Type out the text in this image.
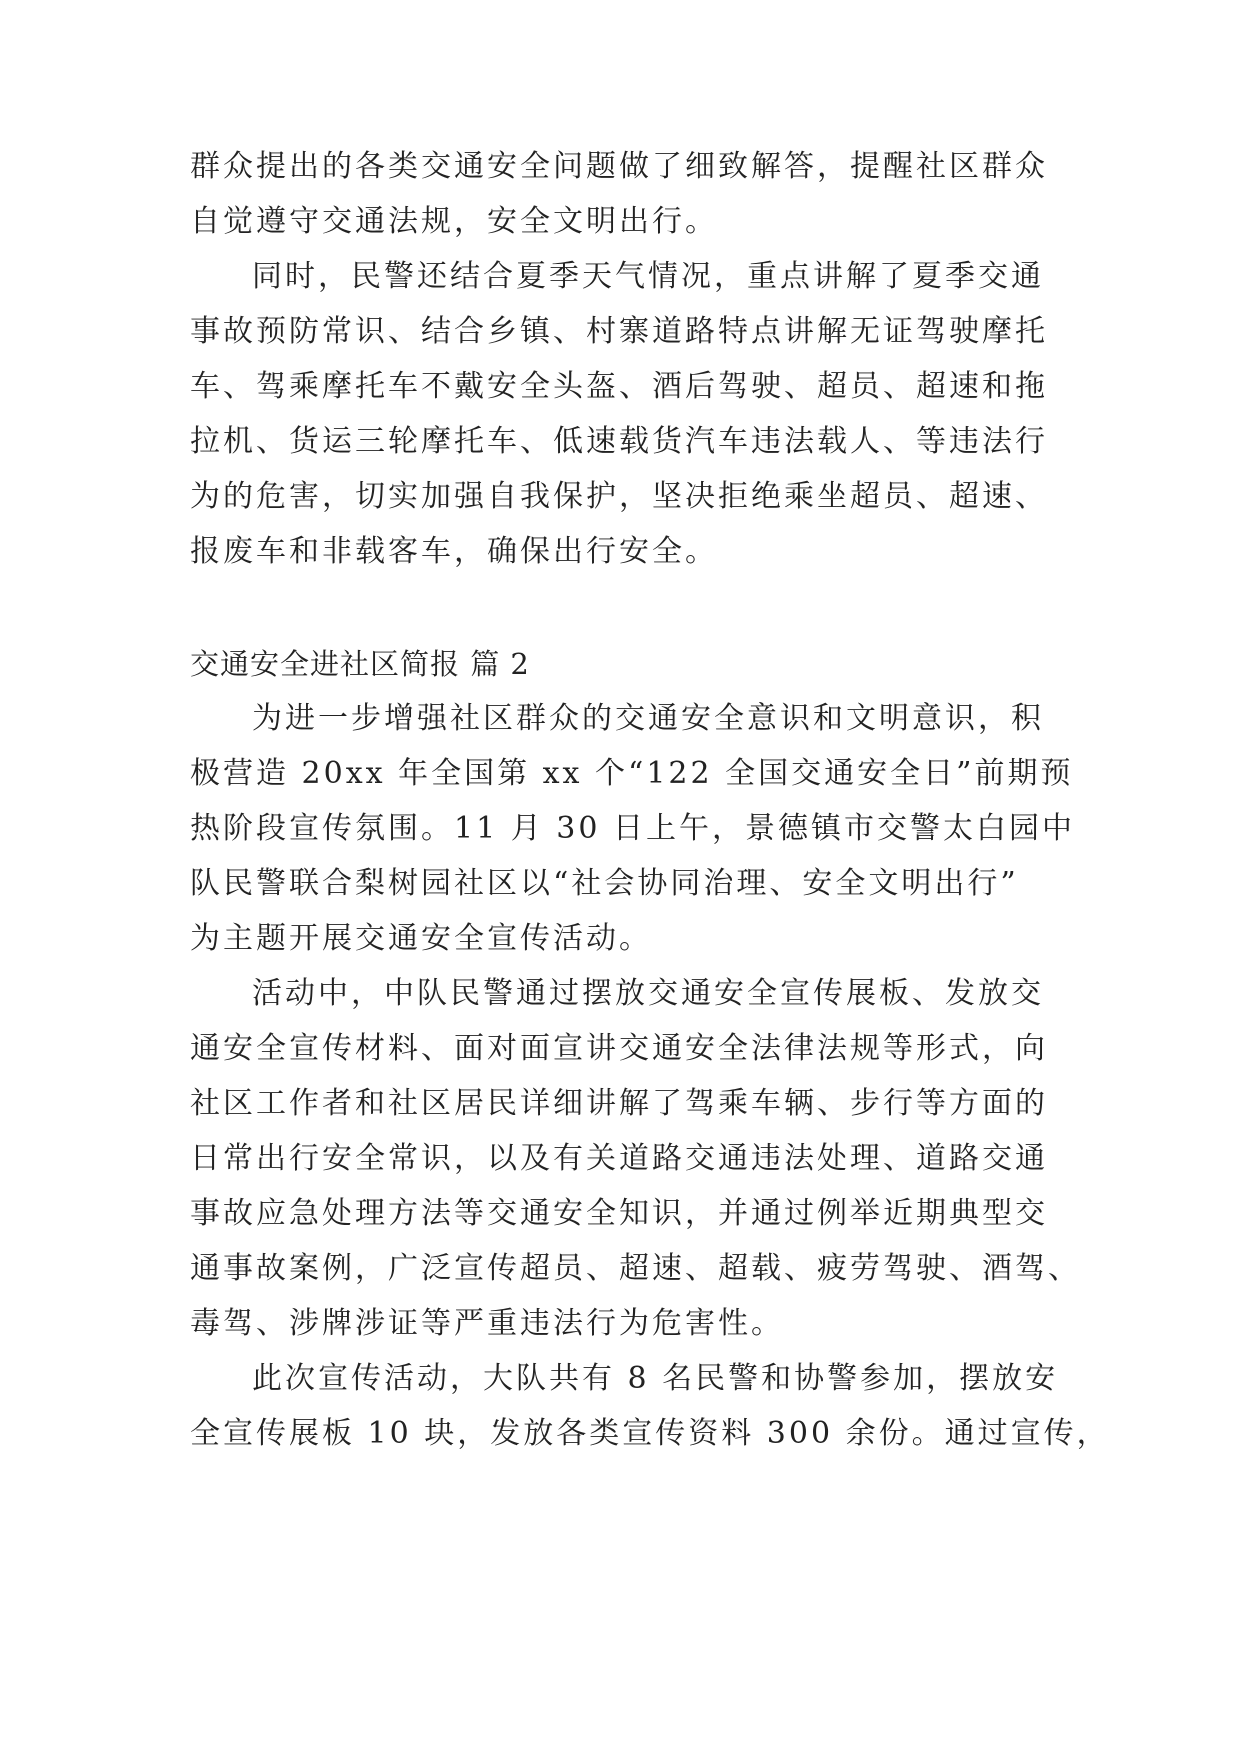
群众提出的各类交通安全问题做了细致解答，提醒社区群众
自觉遵守交通法规，安全文明出行。
同时，民警还结合夏季天气情况，重点讲解了夏季交通
事故预防常识、结合乡镇、村寨道路特点讲解无证驾驶摩托
车、驾乘摩托车不戴安全头盔、酒后驾驶、超员、超速和拖
拉机、货运三轮摩托车、低速载货汽车违法载人、等违法行
为的危害，切实加强自我保护，坚决拒绝乘坐超员、超速、
报废车和非载客车，确保出行安全。
交通安全进社区简报 篇 2
为进一步增强社区群众的交通安全意识和文明意识，积
极营造 20xx 年全国第 xx 个“122 全国交通安全日”前期预
热阶段宣传氛围。11 月 30 日上午，景德镇市交警太白园中
队民警联合梨树园社区以“社会协同治理、安全文明出行”
为主题开展交通安全宣传活动。
活动中，中队民警通过摆放交通安全宣传展板、发放交
通安全宣传材料、面对面宣讲交通安全法律法规等形式，向
社区工作者和社区居民详细讲解了驾乘车辆、步行等方面的
日常出行安全常识，以及有关道路交通违法处理、道路交通
事故应急处理方法等交通安全知识，并通过例举近期典型交
通事故案例，广泛宣传超员、超速、超载、疲劳驾驶、酒驾、
毒驾、涉牌涉证等严重违法行为危害性。
此次宣传活动，大队共有 8 名民警和协警参加，摆放安
全宣传展板 10 块，发放各类宣传资料 300 余份。通过宣传，
